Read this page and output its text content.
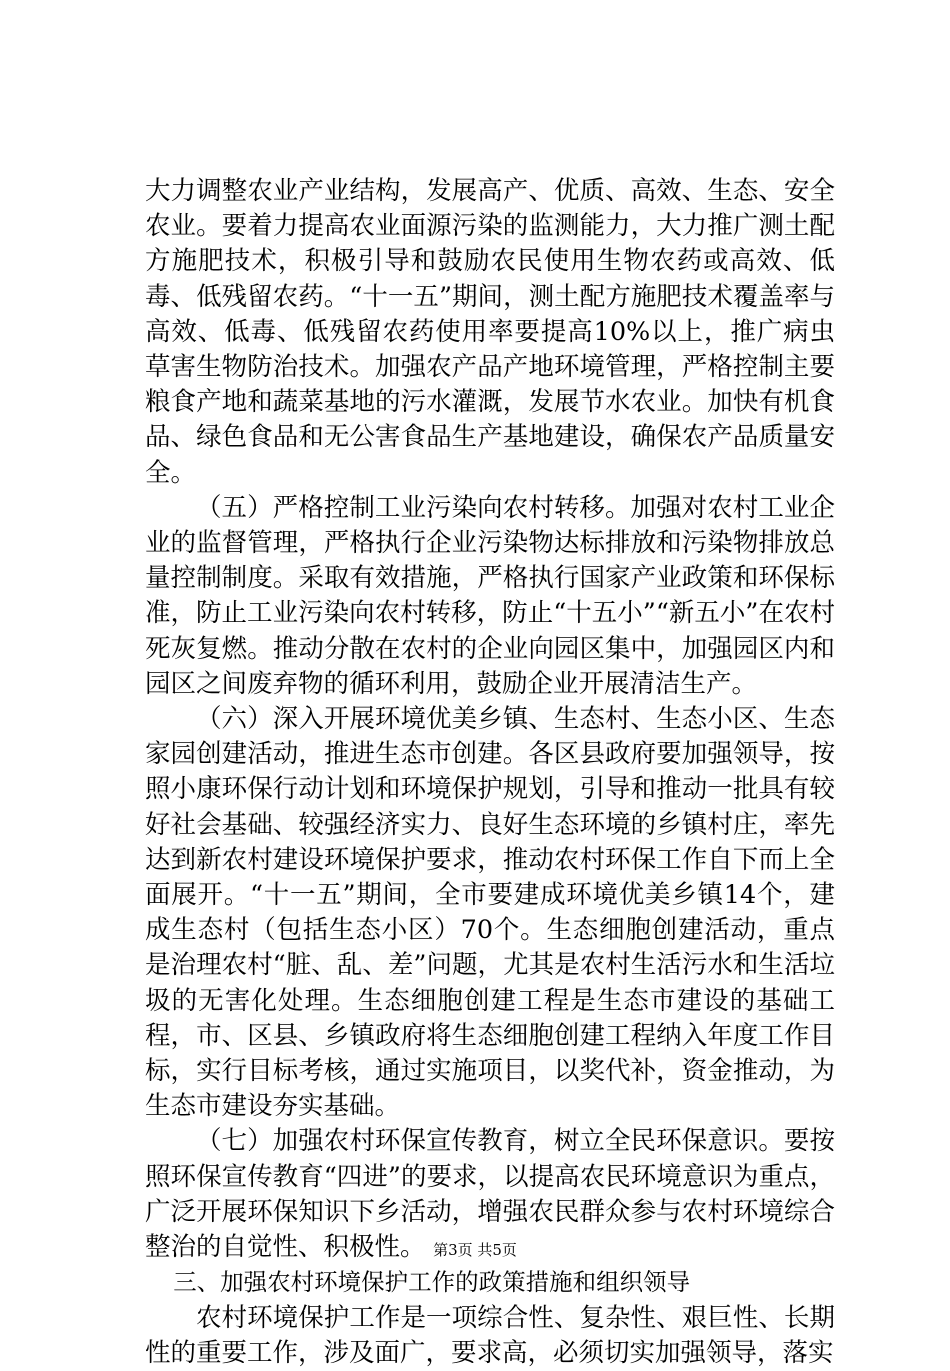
大力调整农业产业结构，发展高产、优质、高效、生态、安全农业。要着力提高农业面源污染的监测能力，大力推广测土配方施肥技术，积极引导和鼓励农民使用生物农药或高效、低毒、低残留农药。“十一五”期间，测土配方施肥技术覆盖率与高效、低毒、低残留农药使用率要提高10%以上，推广病虫草害生物防治技术。加强农产品产地环境管理，严格控制主要粮食产地和蔬菜基地的污水灌溉，发展节水农业。加快有机食品、绿色食品和无公害食品生产基地建设，确保农产品质量安全。

（五）严格控制工业污染向农村转移。加强对农村工业企业的监督管理，严格执行企业污染物达标排放和污染物排放总量控制制度。采取有效措施，严格执行国家产业政策和环保标准，防止工业污染向农村转移，防止“十五小”“新五小”在农村死灰复燃。推动分散在农村的企业向园区集中，加强园区内和园区之间废弃物的循环利用，鼓励企业开展清洁生产。

（六）深入开展环境优美乡镇、生态村、生态小区、生态家园创建活动，推进生态市创建。各区县政府要加强领导，按照小康环保行动计划和环境保护规划，引导和推动一批具有较好社会基础、较强经济实力、良好生态环境的乡镇村庄，率先达到新农村建设环境保护要求，推动农村环保工作自下而上全面展开。“十一五”期间，全市要建成环境优美乡镇14个，建成生态村（包括生态小区）70个。生态细胞创建活动，重点是治理农村“脏、乱、差”问题，尤其是农村生活污水和生活垃圾的无害化处理。生态细胞创建工程是生态市建设的基础工程，市、区县、乡镇政府将生态细胞创建工程纳入年度工作目标，实行目标考核，通过实施项目，以奖代补，资金推动，为生态市建设夯实基础。

（七）加强农村环保宣传教育，树立全民环保意识。要按照环保宣传教育“四进”的要求，以提高农民环境意识为重点，广泛开展环保知识下乡活动，增强农民群众参与农村环境综合整治的自觉性、积极性。

三、加强农村环境保护工作的政策措施和组织领导

农村环境保护工作是一项综合性、复杂性、艰巨性、长期性的重要工作，涉及面广，要求高，必须切实加强领导，落实

第3页 共5页
